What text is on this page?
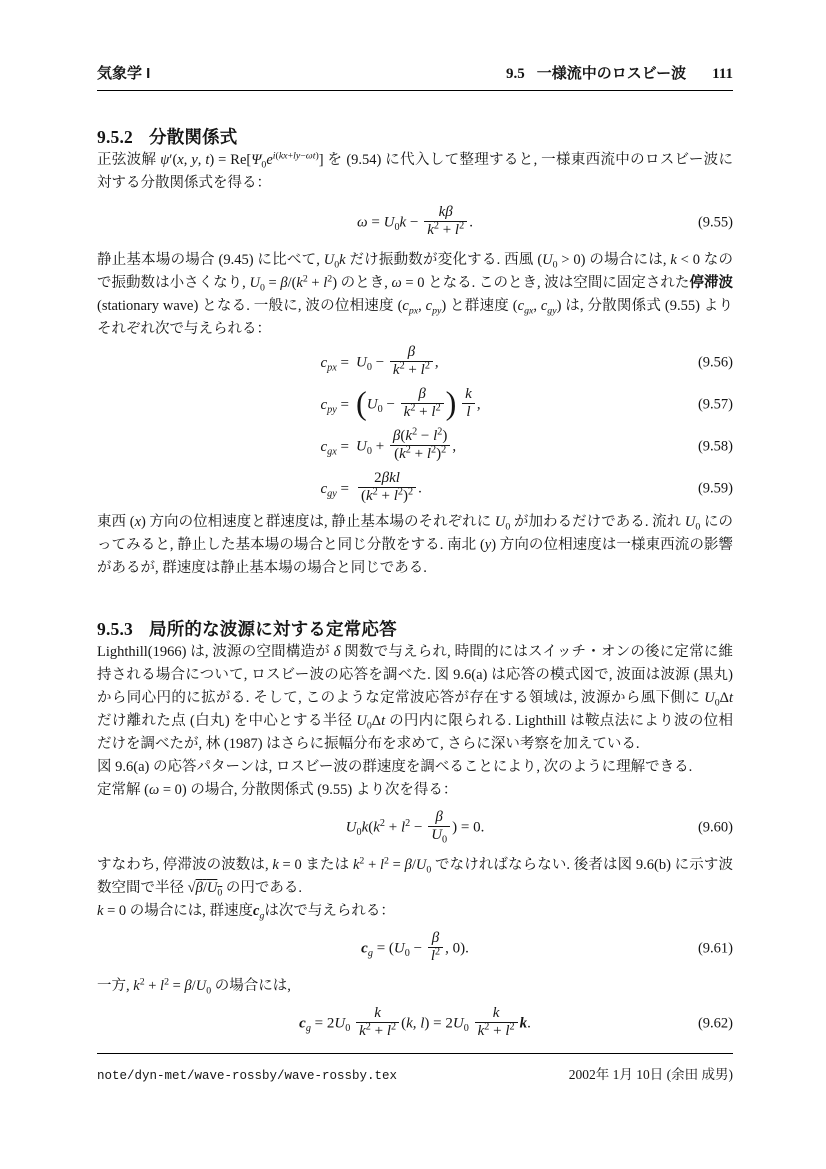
気象学 I	9.5 一様流中のロスビー波 111
9.5.2 分散関係式

正弦波解 ψ′(x, y, $t) = Re[\Psi_0e^{i(kx+ly-\omega t)}]$ を (9.54) に代入して整理すると, 一様東西流中のロスビー波に対する分散関係式を得る：

$\omega = U_0k - \frac{k\beta}{k^2 + l^2}$ .	(9.55)

静止基本場の場合 (9.45) に比べて, $U_0k$ だけ振動数が変化する. 西風 $(U_0 > 0)$ の場合には, k < 0 なので振動数は小さくなり, $U_0 = \beta/(k^2 + l^2)$ のとき, ω = 0 となる. このとき, 波は空間に固定された停滞波 (stationary wave) となる. 一般に, 波の位相速度 ($c_{px}$, $c_{py}$) と群速度 ($c_{gx}$, $c_{gy}$) は, 分散関係式 (9.55) よりそれぞれ次で与えられる：

$c_{px} = U_0 - \frac{\beta}{k^2 + l^2}$ ,	(9.56)
$c_{py} = (U_0 - \frac{\beta}{k^2 + l^2}$ ) $\frac{k}{l}$ ,	(9.57)
$c_{gx} = U_0 + \frac{\beta(k^2 - l^2)}{(k^2 + l^2)^2}$ ,	(9.58)
$c_{gy} = \frac{\text{2βkl}}{(k^2 + l^2)^2}$ .	(9.59)

東西 (x) 方向の位相速度と群速度は, 静止基本場のそれぞれに $U_0$ が加わるだけである. 流れ $U_0$ にのってみると, 静止した基本場の場合と同じ分散をする. 南北 (y) 方向の位相速度は一様東西流の影響があるが, 群速度は静止基本場の場合と同じである.

9.5.3 局所的な波源に対する定常応答

Lighthill(1966) は, 波源の空間構造が δ 関数で与えられ, 時間的にはスイッチ・オンの後に定常に維持される場合について, ロスビー波の応答を調べた. 図 9.6(a) は応答の模式図で, 波面は波源 (黒丸) から同心円的に拡がる. そして, このような定常波応答が存在する領域は, 波源から風下側に $U_0\Delta t$ だけ離れた点 (白丸) を中心とする半径 $U_0\Delta t$ の円内に限られる. Lighthill は鞍点法により波の位相だけを調べたが, 林 (1987) はさらに振幅分布を求めて, さらに深い考察を加えている.

図 9.6(a) の応答パターンは, ロスビー波の群速度を調べることにより, 次のように理解できる.

定常解 (ω = 0) の場合, 分散関係式 (9.55) より次を得る：

$U_0k(k^2 + l^2 - \frac{\beta}{U_0}$ ) = 0.	(9.60)

すなわち, 停滞波の波数は, k = 0 または $k^2 + l^2 = \beta/U_0$ でなければならない. 後者は図 9.6(b) に示す波数空間で半径 $√\beta/U_0$ の円である.

k = 0 の場合には, 群速度$c_g$は次で与えられる：

$c_g = (U_0 - \frac{\beta}{l^2}$ , 0).	(9.61)

一方, $k^2 + l^2 = \beta/U_0$ の場合には,

$c_g = 2U_0 \frac{k}{k^2 + l^2} (k$, $l) = 2U_0 \frac{k}{k^2 + l^2} k$.	(9.62)
note/dyn-met/wave-rossby/wave-rossby.tex	2002年 1月 10日 (余田 成男)
